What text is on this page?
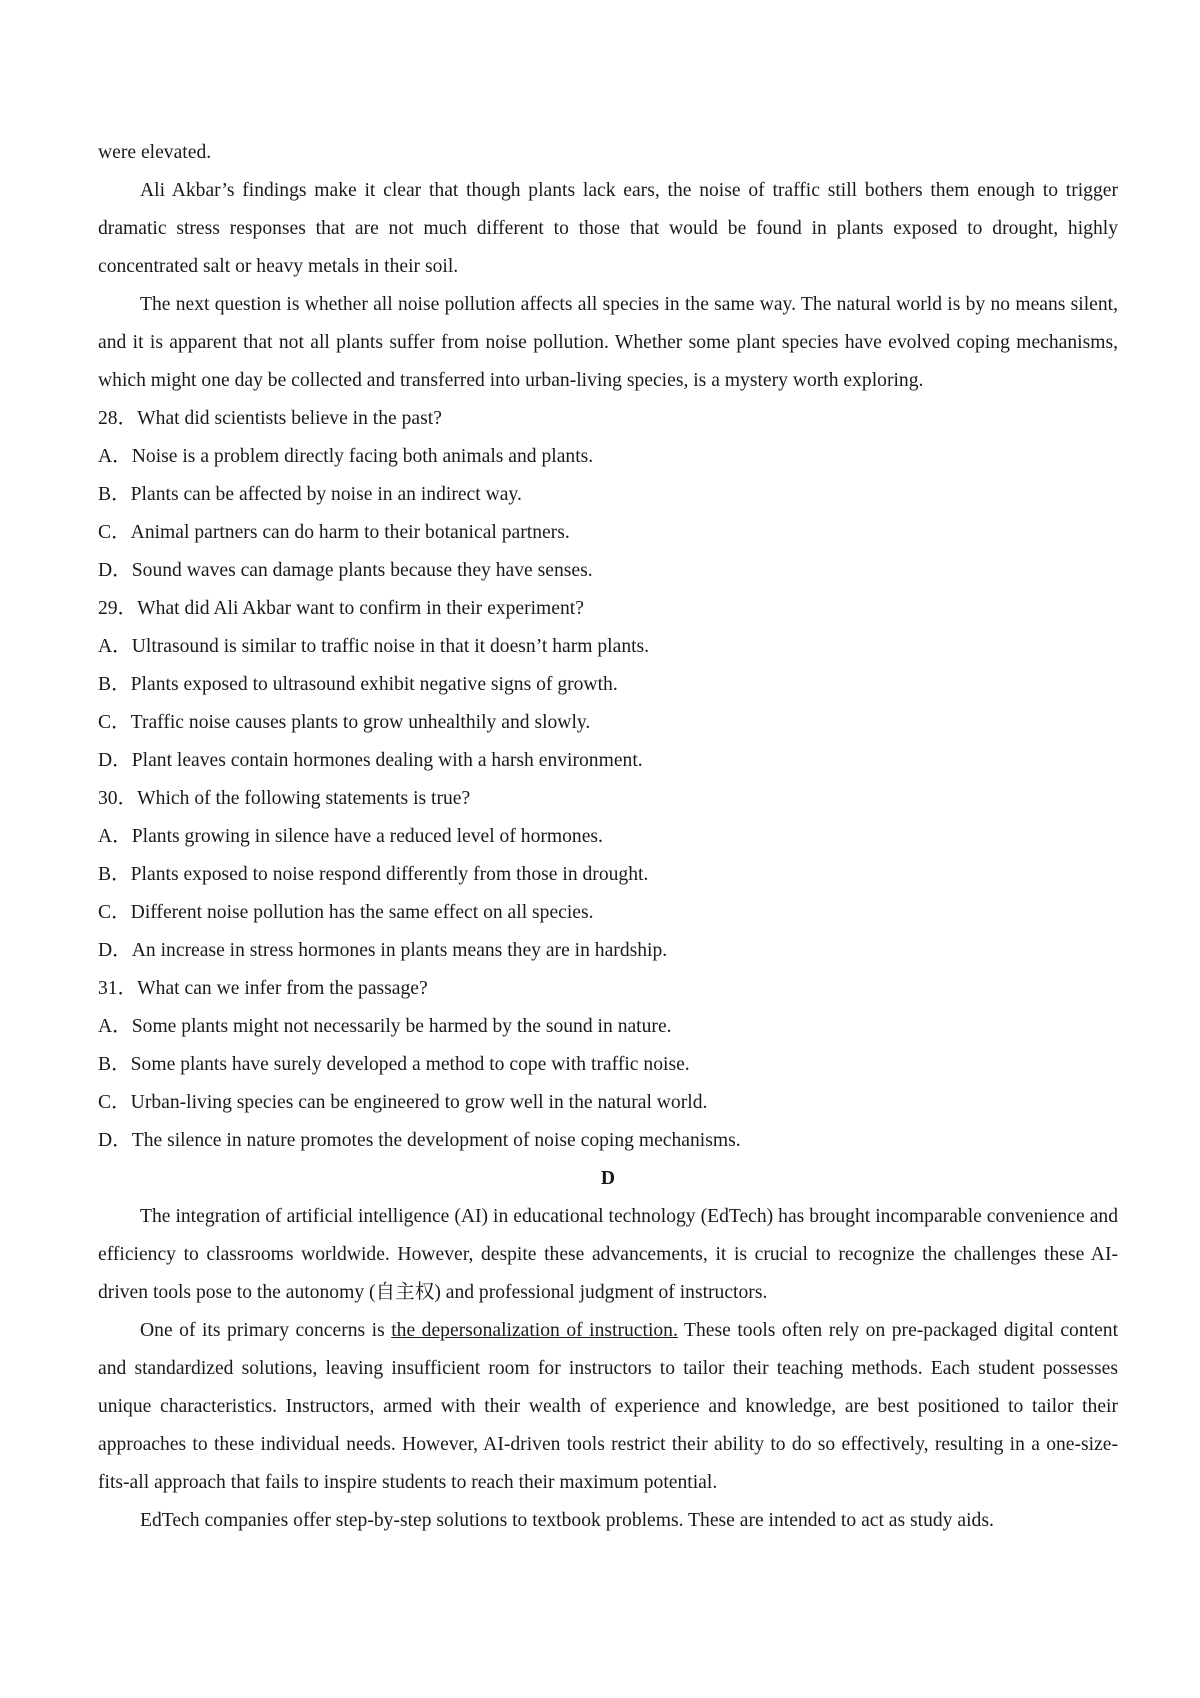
were elevated.

Ali Akbar’s findings make it clear that though plants lack ears, the noise of traffic still bothers them enough to trigger dramatic stress responses that are not much different to those that would be found in plants exposed to drought, highly concentrated salt or heavy metals in their soil.

The next question is whether all noise pollution affects all species in the same way. The natural world is by no means silent, and it is apparent that not all plants suffer from noise pollution. Whether some plant species have evolved coping mechanisms, which might one day be collected and transferred into urban-living species, is a mystery worth exploring.

28．What did scientists believe in the past?

A．Noise is a problem directly facing both animals and plants.

B．Plants can be affected by noise in an indirect way.

C．Animal partners can do harm to their botanical partners.

D．Sound waves can damage plants because they have senses.

29．What did Ali Akbar want to confirm in their experiment?

A．Ultrasound is similar to traffic noise in that it doesn’t harm plants.

B．Plants exposed to ultrasound exhibit negative signs of growth.

C．Traffic noise causes plants to grow unhealthily and slowly.

D．Plant leaves contain hormones dealing with a harsh environment.

30．Which of the following statements is true?

A．Plants growing in silence have a reduced level of hormones.

B．Plants exposed to noise respond differently from those in drought.

C．Different noise pollution has the same effect on all species.

D．An increase in stress hormones in plants means they are in hardship.

31．What can we infer from the passage?

A．Some plants might not necessarily be harmed by the sound in nature.

B．Some plants have surely developed a method to cope with traffic noise.

C．Urban-living species can be engineered to grow well in the natural world.

D．The silence in nature promotes the development of noise coping mechanisms.

D

The integration of artificial intelligence (AI) in educational technology (EdTech) has brought incomparable convenience and efficiency to classrooms worldwide. However, despite these advancements, it is crucial to recognize the challenges these AI-driven tools pose to the autonomy (自主权) and professional judgment of instructors.

One of its primary concerns is the depersonalization of instruction. These tools often rely on pre-packaged digital content and standardized solutions, leaving insufficient room for instructors to tailor their teaching methods. Each student possesses unique characteristics. Instructors, armed with their wealth of experience and knowledge, are best positioned to tailor their approaches to these individual needs. However, AI-driven tools restrict their ability to do so effectively, resulting in a one-size-fits-all approach that fails to inspire students to reach their maximum potential.

EdTech companies offer step-by-step solutions to textbook problems. These are intended to act as study aids.
